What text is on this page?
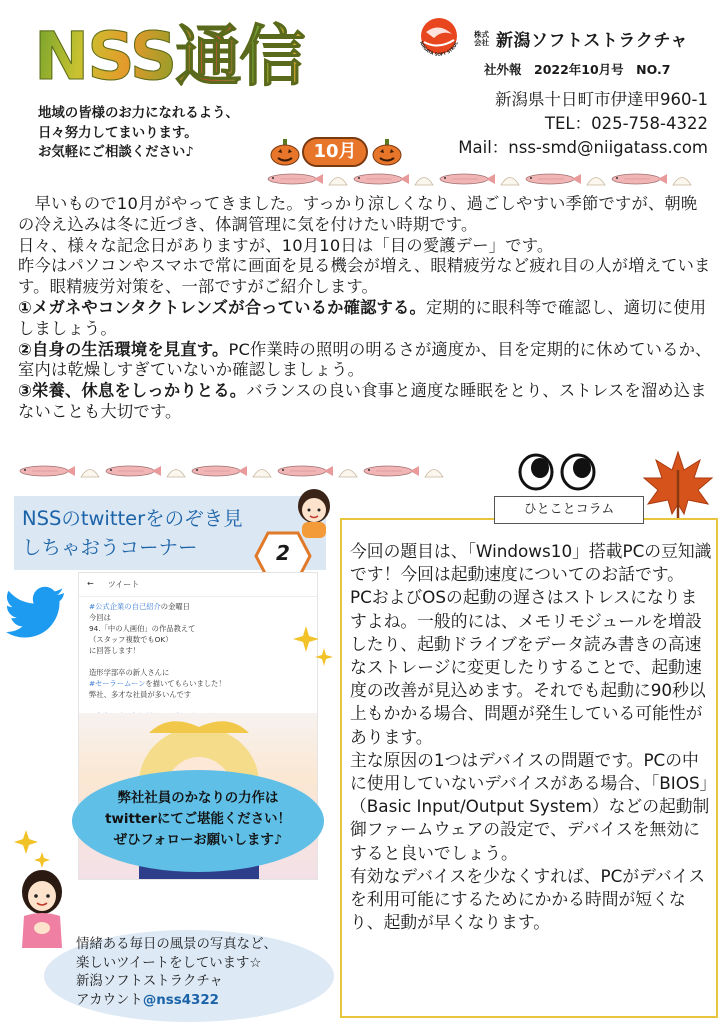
NSS通信
地域の皆様のお力になれるよう、
日々努力してまいります。
お気軽にご相談ください♪
NIIGATA SOFT STRUC
株式会社 新潟ソフトストラクチャ
社外報　2022年10月号　NO.7
新潟県十日町市伊達甲960-1
TEL：025-758-4322
Mail：nss-smd@niigatass.com
10月

　早いもので10月がやってきました。すっかり涼しくなり、過ごしやすい季節ですが、朝晩の冷え込みは冬に近づき、体調管理に気を付けたい時期です。

日々、様々な記念日がありますが、10月10日は「目の愛護デー」です。

昨今はパソコンやスマホで常に画面を見る機会が増え、眼精疲労など疲れ目の人が増えています。眼精疲労対策を、一部ですがご紹介します。

①メガネやコンタクトレンズが合っているか確認する。定期的に眼科等で確認し、適切に使用しましょう。

②自身の生活環境を見直す。PC作業時の照明の明るさが適度か、目を定期的に休めているか、室内は乾燥しすぎていないか確認しましょう。

③栄養、休息をしっかりとる。バランスの良い食事と適度な睡眠をとり、ストレスを溜め込まないことも大切です。

NSSのtwitterをのぞき見
しちゃおうコーナー	2
← ツイート
#公式企業の自己紹介の金曜日
今回は
94.「中の人画伯」の作品教えて
（スタッフ複数でもOK）
に回答します！
造形学部卒の新人さんに
#セーラームーンを描いてもらいました！
弊社、多才な社員が多いんです
弊社社員のかなりの力作は
twitterにてご堪能ください！
ぜひフォローお願いします♪
情緒ある毎日の風景の写真など、
楽しいツイートをしています☆
新潟ソフトストラクチャ
アカウント@nss4322
ひとことコラム
今回の題目は、「Windows10」搭載PCの豆知識です！今回は起動速度についてのお話です。
PCおよびOSの起動の遅さはストレスになりますよね。一般的には、メモリモジュールを増設したり、起動ドライブをデータ読み書きの高速なストレージに変更したりすることで、起動速度の改善が見込めます。それでも起動に90秒以上もかかる場合、問題が発生している可能性があります。
主な原因の1つはデバイスの問題です。PCの中に使用していないデバイスがある場合、「BIOS」（Basic Input/Output System）などの起動制御ファームウェアの設定で、デバイスを無効にすると良いでしょう。
有効なデバイスを少なくすれば、PCがデバイスを利用可能にするためにかかる時間が短くなり、起動が早くなります。
